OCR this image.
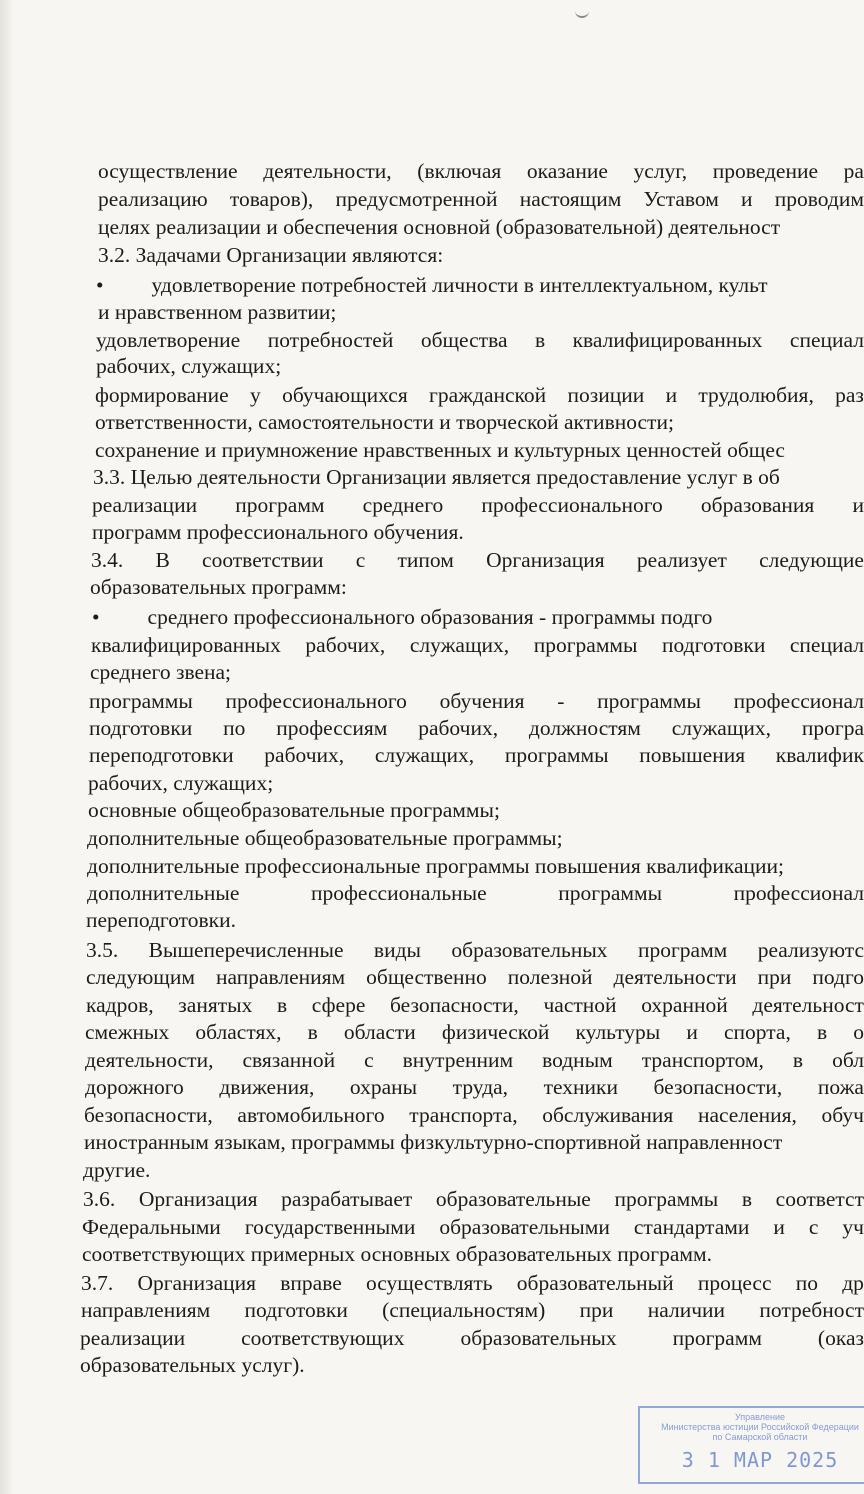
осуществление деятельности, (включая оказание услуг, проведение ра
реализацию товаров), предусмотренной настоящим Уставом и проводим
целях реализации и обеспечения основной (образовательной) деятельност
3.2. Задачами Организации являются:
• удовлетворение потребностей личности в интеллектуальном, культ
и нравственном развитии;
удовлетворение потребностей общества в квалифицированных специал
рабочих, служащих;
формирование у обучающихся гражданской позиции и трудолюбия, раз
ответственности, самостоятельности и творческой активности;
сохранение и приумножение нравственных и культурных ценностей общес
3.3. Целью деятельности Организации является предоставление услуг в об
реализации программ среднего профессионального образования и
программ профессионального обучения.
3.4. В соответствии с типом Организация реализует следующие
образовательных программ:
• среднего профессионального образования - программы подго
квалифицированных рабочих, служащих, программы подготовки специал
среднего звена;
программы профессионального обучения - программы профессионал
подготовки по профессиям рабочих, должностям служащих, програ
переподготовки рабочих, служащих, программы повышения квалифик
рабочих, служащих;
основные общеобразовательные программы;
дополнительные общеобразовательные программы;
дополнительные профессиональные программы повышения квалификации;
дополнительные	профессиональные	программы	профессионал
переподготовки.
3.5. Вышеперечисленные виды образовательных программ реализуютс
следующим направлениям общественно полезной деятельности при подго
кадров, занятых в сфере безопасности, частной охранной деятельност
смежных областях, в области физической культуры и спорта, в о
деятельности, связанной с внутренним водным транспортом, в обл
дорожного движения, охраны труда, техники безопасности, пожа
безопасности, автомобильного транспорта, обслуживания населения, обуч
иностранным языкам, программы физкультурно-спортивной направленност
другие.
3.6. Организация разрабатывает образовательные программы в соответст
Федеральными государственными образовательными стандартами и с уч
соответствующих примерных основных образовательных программ.
3.7. Организация вправе осуществлять образовательный процесс по др
направлениям подготовки (специальностям) при наличии потребност
реализации	соответствующих	образовательных	программ	(оказ
образовательных услуг).
Управление
Министерства юстиции Российской Федерации
по Самарской области
3 1 МАР 2025
